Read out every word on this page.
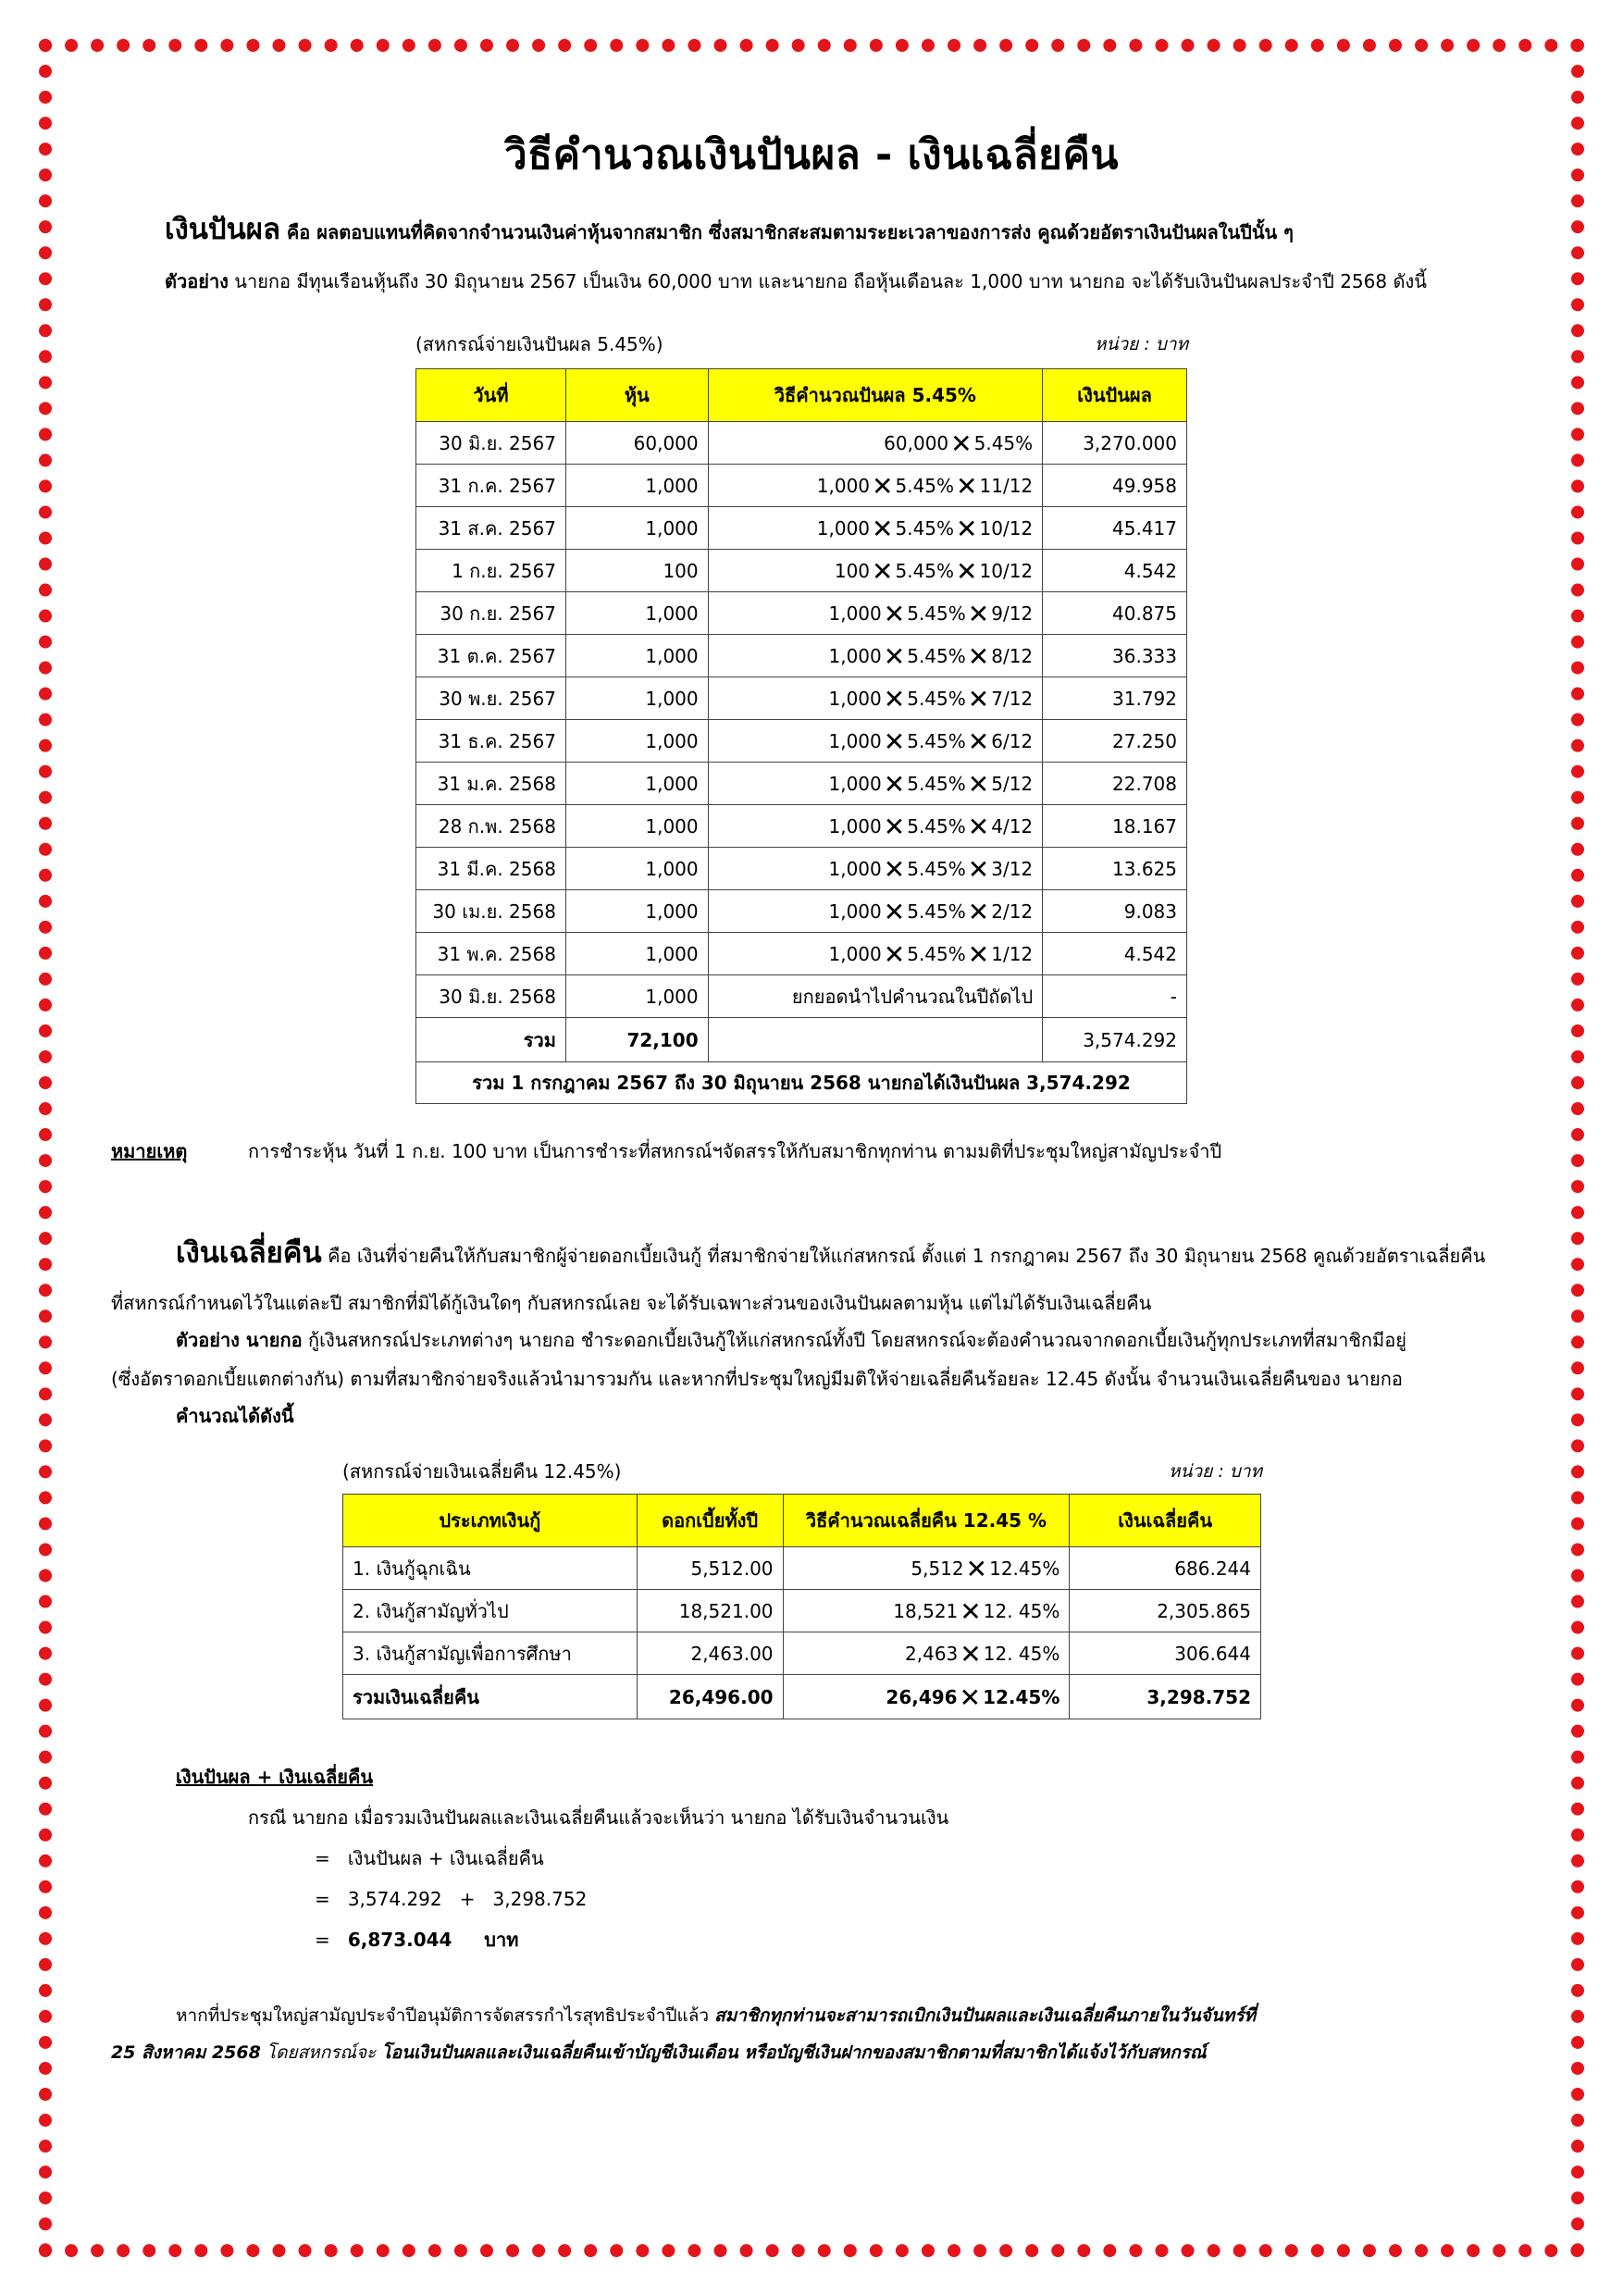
วิธีคำนวณเงินปันผล - เงินเฉลี่ยคืน
เงินปันผล คือ ผลตอบแทนที่คิดจากจำนวนเงินค่าหุ้นจากสมาชิก ซึ่งสมาชิกสะสมตามระยะเวลาของการส่ง คูณด้วยอัตราเงินปันผลในปีนั้น ๆ
ตัวอย่าง นายกอ มีทุนเรือนหุ้นถึง 30 มิถุนายน 2567 เป็นเงิน 60,000 บาท และนายกอ ถือหุ้นเดือนละ 1,000 บาท นายกอ จะได้รับเงินปันผลประจำปี 2568 ดังนี้
(สหกรณ์จ่ายเงินปันผล 5.45%)	หน่วย : บาท
วันที่	หุ้น	วิธีคำนวณปันผล 5.45%	เงินปันผล
30 มิ.ย. 2567	60,000	60,000✕ 5.45%	3,270.000
31 ก.ค. 2567	1,000	1,000✕ 5.45%✕ 11/12	49.958
31 ส.ค. 2567	1,000	1,000✕ 5.45%✕ 10/12	45.417
1 ก.ย. 2567	100	100✕ 5.45%✕ 10/12	4.542
30 ก.ย. 2567	1,000	1,000✕ 5.45%✕ 9/12	40.875
31 ต.ค. 2567	1,000	1,000✕ 5.45%✕ 8/12	36.333
30 พ.ย. 2567	1,000	1,000✕ 5.45%✕ 7/12	31.792
31 ธ.ค. 2567	1,000	1,000✕ 5.45%✕ 6/12	27.250
31 ม.ค. 2568	1,000	1,000✕ 5.45%✕ 5/12	22.708
28 ก.พ. 2568	1,000	1,000✕ 5.45%✕ 4/12	18.167
31 มี.ค. 2568	1,000	1,000✕ 5.45%✕ 3/12	13.625
30 เม.ย. 2568	1,000	1,000✕ 5.45%✕ 2/12	9.083
31 พ.ค. 2568	1,000	1,000✕ 5.45%✕ 1/12	4.542
30 มิ.ย. 2568	1,000	ยกยอดนำไปคำนวณในปีถัดไป	-
รวม	72,100		3,574.292
รวม 1 กรกฎาคม 2567 ถึง 30 มิถุนายน 2568 นายกอได้เงินปันผล 3,574.292			
หมายเหตุ	การชำระหุ้น วันที่ 1 ก.ย. 100 บาท เป็นการชำระที่สหกรณ์ฯจัดสรรให้กับสมาชิกทุกท่าน ตามมติที่ประชุมใหญ่สามัญประจำปี
เงินเฉลี่ยคืน คือ เงินที่จ่ายคืนให้กับสมาชิกผู้จ่ายดอกเบี้ยเงินกู้ ที่สมาชิกจ่ายให้แก่สหกรณ์ ตั้งแต่ 1 กรกฎาคม 2567 ถึง 30 มิถุนายน 2568 คูณด้วยอัตราเฉลี่ยคืน
ที่สหกรณ์กำหนดไว้ในแต่ละปี สมาชิกที่มิได้กู้เงินใดๆ กับสหกรณ์เลย จะได้รับเฉพาะส่วนของเงินปันผลตามหุ้น แต่ไม่ได้รับเงินเฉลี่ยคืน
ตัวอย่าง นายกอ กู้เงินสหกรณ์ประเภทต่างๆ นายกอ ชำระดอกเบี้ยเงินกู้ให้แก่สหกรณ์ทั้งปี โดยสหกรณ์จะต้องคำนวณจากดอกเบี้ยเงินกู้ทุกประเภทที่สมาชิกมีอยู่
(ซึ่งอัตราดอกเบี้ยแตกต่างกัน) ตามที่สมาชิกจ่ายจริงแล้วนำมารวมกัน และหากที่ประชุมใหญ่มีมติให้จ่ายเฉลี่ยคืนร้อยละ 12.45 ดังนั้น จำนวนเงินเฉลี่ยคืนของ นายกอ
คำนวณได้ดังนี้
(สหกรณ์จ่ายเงินเฉลี่ยคืน 12.45%)	หน่วย : บาท
ประเภทเงินกู้	ดอกเบี้ยทั้งปี	วิธีคำนวณเฉลี่ยคืน 12.45 %	เงินเฉลี่ยคืน
1. เงินกู้ฉุกเฉิน	5,512.00	5,512✕ 12.45%	686.244
2. เงินกู้สามัญทั่วไป	18,521.00	18,521✕ 12. 45%	2,305.865
3. เงินกู้สามัญเพื่อการศึกษา	2,463.00	2,463✕ 12. 45%	306.644
รวมเงินเฉลี่ยคืน	26,496.00	26,496✕ 12.45%	3,298.752
เงินปันผล + เงินเฉลี่ยคืน
กรณี นายกอ เมื่อรวมเงินปันผลและเงินเฉลี่ยคืนแล้วจะเห็นว่า นายกอ ได้รับเงินจำนวนเงิน
=   เงินปันผล + เงินเฉลี่ยคืน
=   3,574.292   +   3,298.752
=   6,873.044     บาท
หากที่ประชุมใหญ่สามัญประจำปีอนุมัติการจัดสรรกำไรสุทธิประจำปีแล้ว สมาชิกทุกท่านจะสามารถเบิกเงินปันผลและเงินเฉลี่ยคืนภายในวันจันทร์ที่
25 สิงหาคม 2568 โดยสหกรณ์จะ โอนเงินปันผลและเงินเฉลี่ยคืนเข้าบัญชีเงินเดือน หรือบัญชีเงินฝากของสมาชิกตามที่สมาชิกได้แจ้งไว้กับสหกรณ์
